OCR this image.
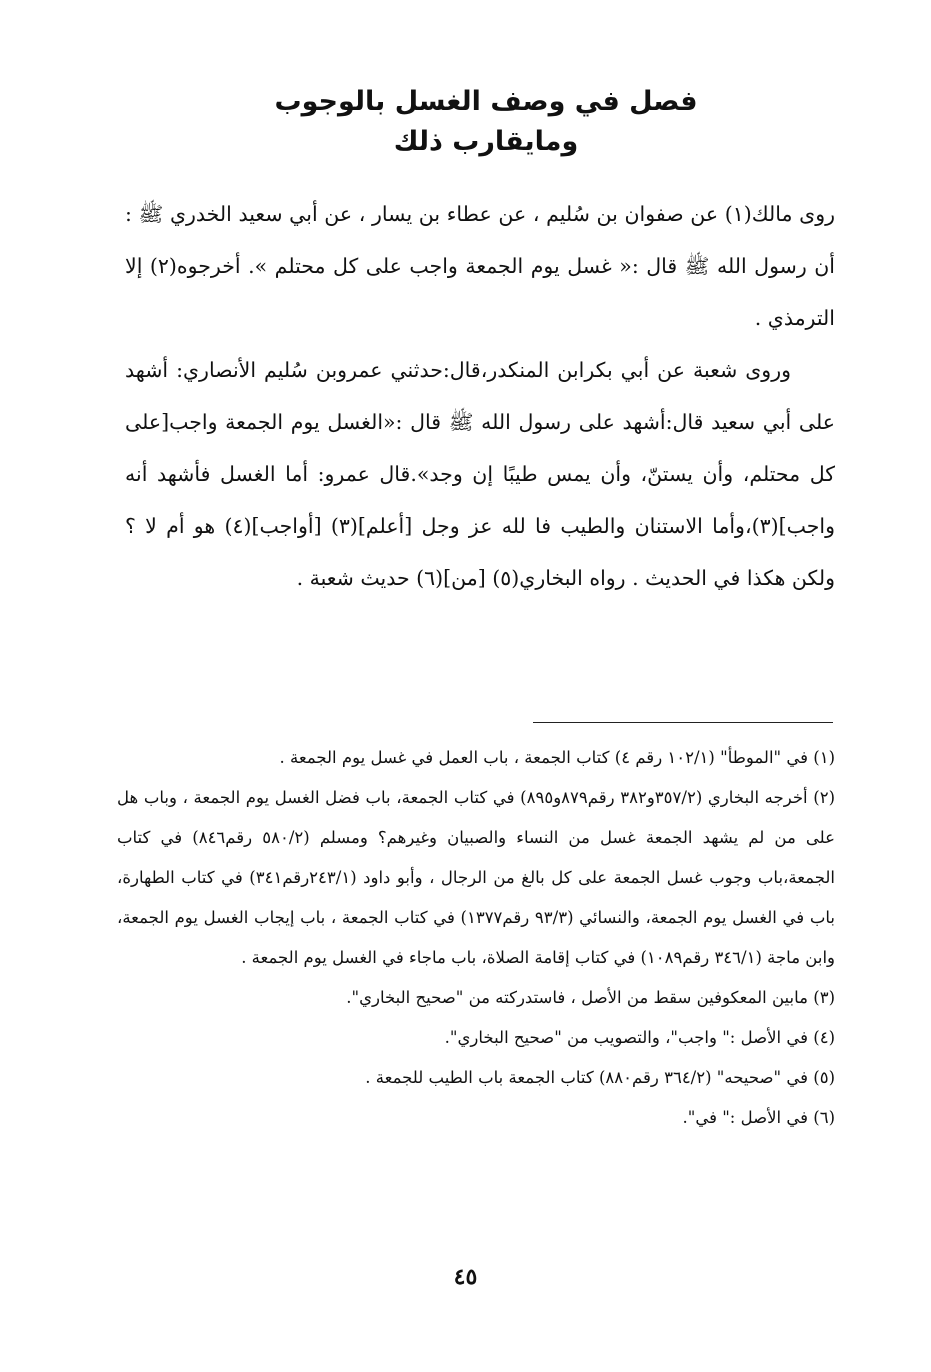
فصل في وصف الغسل بالوجوب ومايقارب ذلك

روى مالك(١) عن صفوان بن سُليم ، عن عطاء بن يسار ، عن أبي سعيد الخدري ﷺ : أن رسول الله ﷺ قال :« غسل يوم الجمعة واجب على كل محتلم ». أخرجوه(٢) إلا الترمذي .

وروى شعبة عن أبي بكرابن المنكدر،قال:حدثني عمروبن سُليم الأنصاري: أشهد على أبي سعيد قال:أشهد على رسول الله ﷺ قال :«الغسل يوم الجمعة واجب[على كل محتلم، وأن يستنّ، وأن يمس طيبًا إن وجد».قال عمرو: أما الغسل فأشهد أنه واجب](٣)،وأما الاستنان والطيب فا لله عز وجل [أعلم](٣) [أواجب](٤) هو أم لا ؟ ولكن هكذا في الحديث . رواه البخاري(٥) [من](٦) حديث شعبة .

(١) في "الموطأ" (١٠٢/١ رقم ٤) كتاب الجمعة ، باب العمل في غسل يوم الجمعة .

(٢) أخرجه البخاري (٣٥٧/٢و٣٨٢ رقم٨٧٩و٨٩٥) في كتاب الجمعة، باب فضل الغسل يوم الجمعة ، وباب هل على من لم يشهد الجمعة غسل من النساء والصبيان وغيرهم؟ ومسلم (٥٨٠/٢ رقم٨٤٦) في كتاب الجمعة،باب وجوب غسل الجمعة على كل بالغ من الرجال ، وأبو داود (٢٤٣/١رقم٣٤١) في كتاب الطهارة، باب في الغسل يوم الجمعة، والنسائي (٩٣/٣ رقم١٣٧٧) في كتاب الجمعة ، باب إيجاب الغسل يوم الجمعة، وابن ماجة (٣٤٦/١ رقم١٠٨٩) في كتاب إقامة الصلاة، باب ماجاء في الغسل يوم الجمعة .

(٣) مابين المعكوفين سقط من الأصل ، فاستدركته من "صحيح البخاري".

(٤) في الأصل :" واجب"، والتصويب من "صحيح البخاري".

(٥) في "صحيحه" (٣٦٤/٢ رقم٨٨٠) كتاب الجمعة باب الطيب للجمعة .

(٦) في الأصل :" في".

٤٥
